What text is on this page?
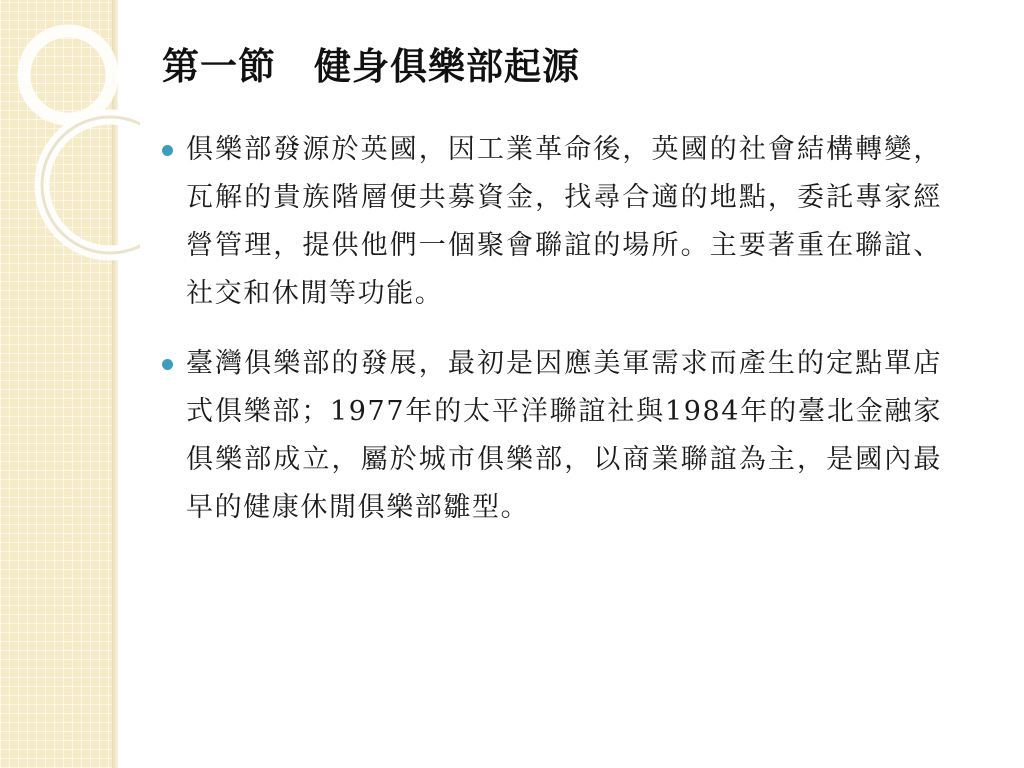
第一節　健身俱樂部起源
俱樂部發源於英國，因工業革命後，英國的社會結構轉變，瓦解的貴族階層便共募資金，找尋合適的地點，委託專家經營管理，提供他們一個聚會聯誼的場所。主要著重在聯誼、社交和休閒等功能。
臺灣俱樂部的發展，最初是因應美軍需求而產生的定點單店式俱樂部；1977年的太平洋聯誼社與1984年的臺北金融家俱樂部成立，屬於城市俱樂部，以商業聯誼為主，是國內最早的健康休閒俱樂部雛型。
